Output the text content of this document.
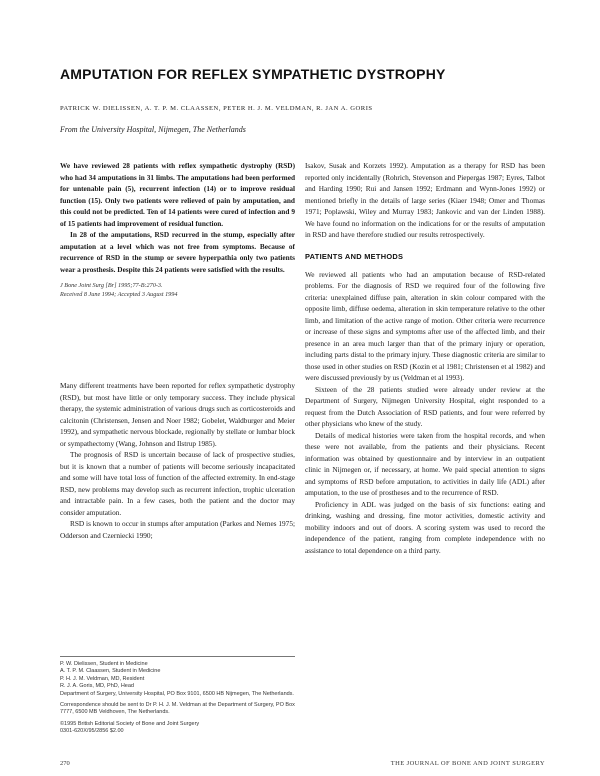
AMPUTATION FOR REFLEX SYMPATHETIC DYSTROPHY
PATRICK W. DIELISSEN, A. T. P. M. CLAASSEN, PETER H. J. M. VELDMAN, R. JAN A. GORIS
From the University Hospital, Nijmegen, The Netherlands

We have reviewed 28 patients with reflex sympathetic dystrophy (RSD) who had 34 amputations in 31 limbs. The amputations had been performed for untenable pain (5), recurrent infection (14) or to improve residual function (15). Only two patients were relieved of pain by amputation, and this could not be predicted. Ten of 14 patients were cured of infection and 9 of 15 patients had improvement of residual function.

In 28 of the amputations, RSD recurred in the stump, especially after amputation at a level which was not free from symptoms. Because of recurrence of RSD in the stump or severe hyperpathia only two patients wear a prosthesis. Despite this 24 patients were satisfied with the results.

J Bone Joint Surg [Br] 1995;77-B:270-3.
Received 8 June 1994; Accepted 3 August 1994

Many different treatments have been reported for reflex sympathetic dystrophy (RSD), but most have little or only temporary success. They include physical therapy, the systemic administration of various drugs such as corticosteroids and calcitonin (Christensen, Jensen and Noer 1982; Gobelet, Waldburger and Meier 1992), and sympathetic nervous blockade, regionally by stellate or lumbar block or sympathectomy (Wang, Johnson and Ilstrup 1985).

The prognosis of RSD is uncertain because of lack of prospective studies, but it is known that a number of patients will become seriously incapacitated and some will have total loss of function of the affected extremity. In end-stage RSD, new problems may develop such as recurrent infection, trophic ulceration and intractable pain. In a few cases, both the patient and the doctor may consider amputation.

RSD is known to occur in stumps after amputation (Parkes and Nemes 1975; Odderson and Czerniecki 1990;

Isakov, Susak and Korzets 1992). Amputation as a therapy for RSD has been reported only incidentally (Rohrich, Stevenson and Piepergas 1987; Eyres, Talbot and Harding 1990; Rui and Jansen 1992; Erdmann and Wynn-Jones 1992) or mentioned briefly in the details of large series (Kiaer 1948; Omer and Thomas 1971; Poplawski, Wiley and Murray 1983; Jankovic and van der Linden 1988). We have found no information on the indications for or the results of amputation in RSD and have therefore studied our results retrospectively.

PATIENTS AND METHODS

We reviewed all patients who had an amputation because of RSD-related problems. For the diagnosis of RSD we required four of the following five criteria: unexplained diffuse pain, alteration in skin colour compared with the opposite limb, diffuse oedema, alteration in skin temperature relative to the other limb, and limitation of the active range of motion. Other criteria were recurrence or increase of these signs and symptoms after use of the affected limb, and their presence in an area much larger than that of the primary injury or operation, including parts distal to the primary injury. These diagnostic criteria are similar to those used in other studies on RSD (Kozin et al 1981; Christensen et al 1982) and were discussed previously by us (Veldman et al 1993).

Sixteen of the 28 patients studied were already under review at the Department of Surgery, Nijmegen University Hospital, eight responded to a request from the Dutch Association of RSD patients, and four were referred by other physicians who knew of the study.

Details of medical histories were taken from the hospital records, and when these were not available, from the patients and their physicians. Recent information was obtained by questionnaire and by interview in an outpatient clinic in Nijmegen or, if necessary, at home. We paid special attention to signs and symptoms of RSD before amputation, to activities in daily life (ADL) after amputation, to the use of prostheses and to the recurrence of RSD.

Proficiency in ADL was judged on the basis of six functions: eating and drinking, washing and dressing, fine motor activities, domestic activity and mobility indoors and out of doors. A scoring system was used to record the independence of the patient, ranging from complete independence with no assistance to total dependence on a third party.

P. W. Dielissen, Student in Medicine
A. T. P. M. Claassen, Student in Medicine
P. H. J. M. Veldman, MD, Resident
R. J. A. Goris, MD, PhD, Head
Department of Surgery, University Hospital, PO Box 9101, 6500 HB Nijmegen, The Netherlands.
Correspondence should be sent to Dr P. H. J. M. Veldman at the Department of Surgery, PO Box 7777, 6500 MB Veldhoven, The Netherlands.
©1995 British Editorial Society of Bone and Joint Surgery
0301-620X/95/2856 $2.00
270	THE JOURNAL OF BONE AND JOINT SURGERY
